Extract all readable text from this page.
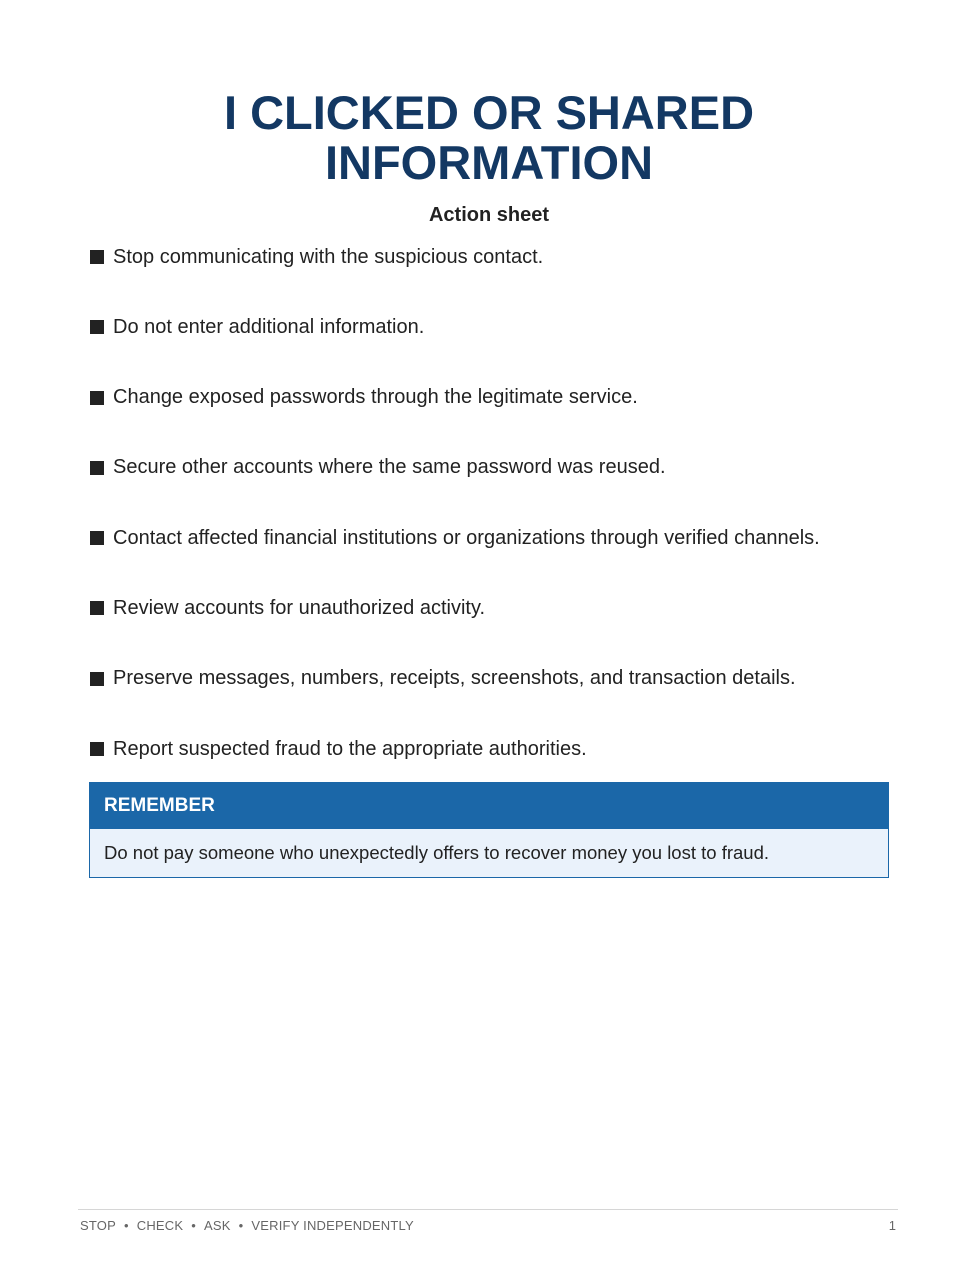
I CLICKED OR SHARED
INFORMATION

Action sheet

Stop communicating with the suspicious contact.
Do not enter additional information.
Change exposed passwords through the legitimate service.
Secure other accounts where the same password was reused.
Contact affected financial institutions or organizations through verified channels.
Review accounts for unauthorized activity.
Preserve messages, numbers, receipts, screenshots, and transaction details.
Report suspected fraud to the appropriate authorities.
REMEMBER
Do not pay someone who unexpectedly offers to recover money you lost to fraud.
STOP • CHECK • ASK • VERIFY INDEPENDENTLY	1
